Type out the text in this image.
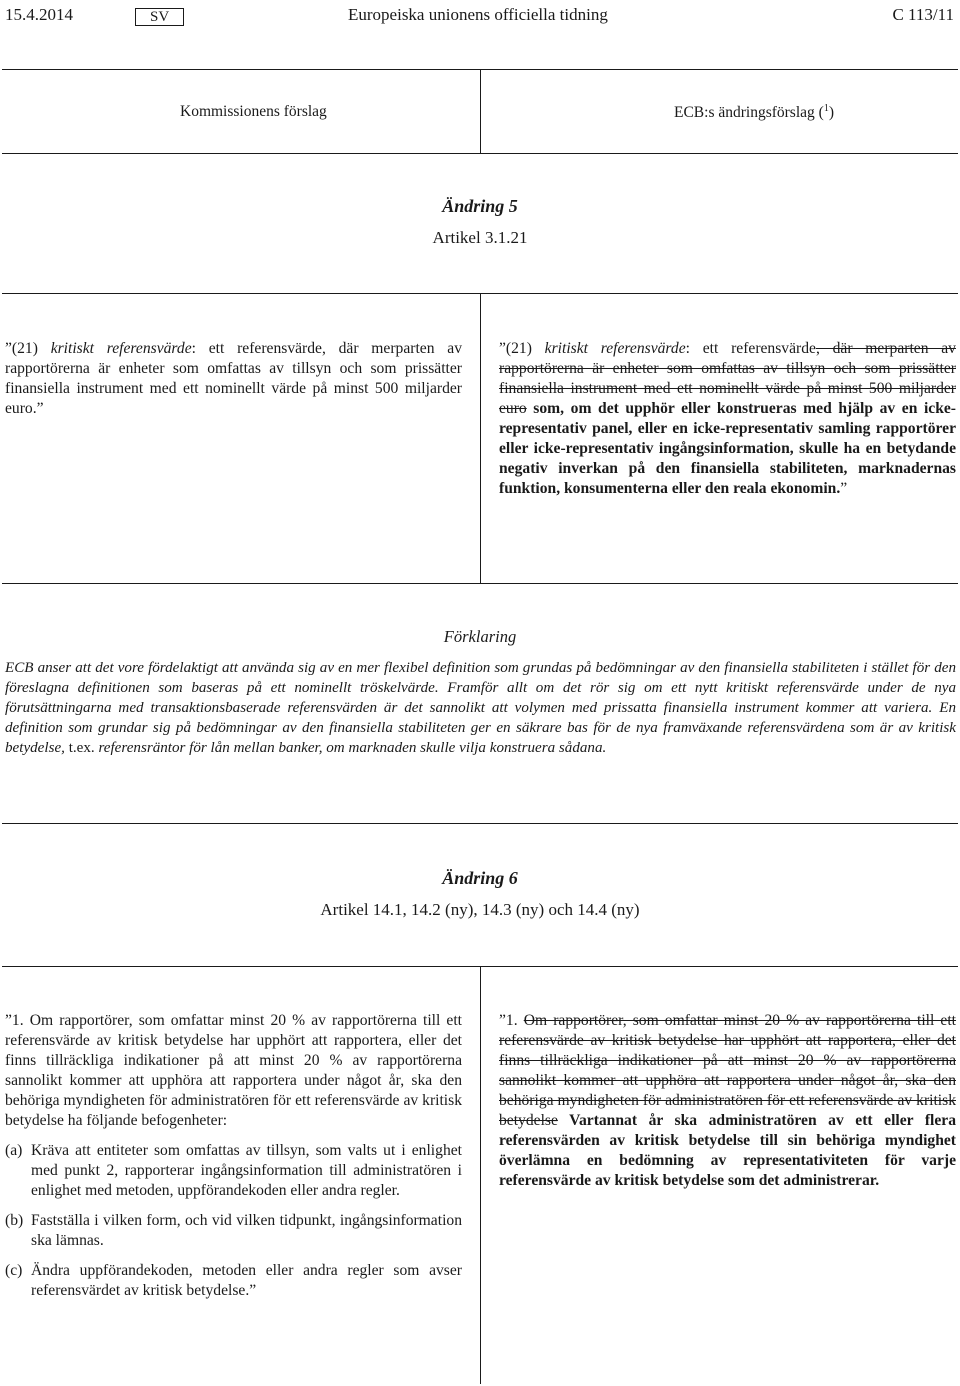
15.4.2014	SV	Europeiska unionens officiella tidning	C 113/11
Kommissionens förslag	ECB:s ändringsförslag ($^1$)
Ändring 5
Artikel 3.1.21

”(21) kritiskt referensvärde: ett referensvärde, där merparten av rapportörerna är enheter som omfattas av tillsyn och som prissätter finansiella instrument med ett nominellt värde på minst 500 miljarder euro.”

”(21) kritiskt referensvärde: ett referensvärde, där merparten av rapportörerna är enheter som omfattas av tillsyn och som prissätter finansiella instrument med ett nominellt värde på minst 500 miljarder euro som, om det upphör eller konstrueras med hjälp av en icke-representativ panel, eller en icke-representativ samling rapportörer eller icke-representativ ingångsinformation, skulle ha en betydande negativ inverkan på den finansiella stabiliteten, marknadernas funktion, konsumenterna eller den reala ekonomin.”

Förklaring
ECB anser att det vore fördelaktigt att använda sig av en mer flexibel definition som grundas på bedömningar av den finansiella stabiliteten i stället för den föreslagna definitionen som baseras på ett nominellt tröskelvärde. Framför allt om det rör sig om ett nytt kritiskt referensvärde under de nya förutsättningarna med transaktionsbaserade referensvärden är det sannolikt att volymen med prissatta finansiella instrument kommer att variera. En definition som grundar sig på bedömningar av den finansiella stabiliteten ger en säkrare bas för de nya framväxande referensvärdena som är av kritisk betydelse, t.ex. referensräntor för lån mellan banker, om marknaden skulle vilja konstruera sådana.
Ändring 6
Artikel 14.1, 14.2 (ny), 14.3 (ny) och 14.4 (ny)

”1. Om rapportörer, som omfattar minst 20 % av rapportörerna till ett referensvärde av kritisk betydelse har upphört att rapportera, eller det finns tillräckliga indikationer på att minst 20 % av rapportörerna sannolikt kommer att upphöra att rapportera under något år, ska den behöriga myndigheten för administratören för ett referensvärde av kritisk betydelse ha följande befogenheter:

(a) Kräva att entiteter som omfattas av tillsyn, som valts ut i enlighet med punkt 2, rapporterar ingångsinformation till administratören i enlighet med metoden, uppförandekoden eller andra regler.
(b) Fastställa i vilken form, och vid vilken tidpunkt, ingångsinformation ska lämnas.
(c) Ändra uppförandekoden, metoden eller andra regler som avser referensvärdet av kritisk betydelse.”

”1. Om rapportörer, som omfattar minst 20 % av rapportörerna till ett referensvärde av kritisk betydelse har upphört att rapportera, eller det finns tillräckliga indikationer på att minst 20 % av rapportörerna sannolikt kommer att upphöra att rapportera under något år, ska den behöriga myndigheten för administratören för ett referensvärde av kritisk betydelse Vartannat år ska administratören av ett eller flera referensvärden av kritisk betydelse till sin behöriga myndighet överlämna en bedömning av representativiteten för varje referensvärde av kritisk betydelse som det administrerar.
